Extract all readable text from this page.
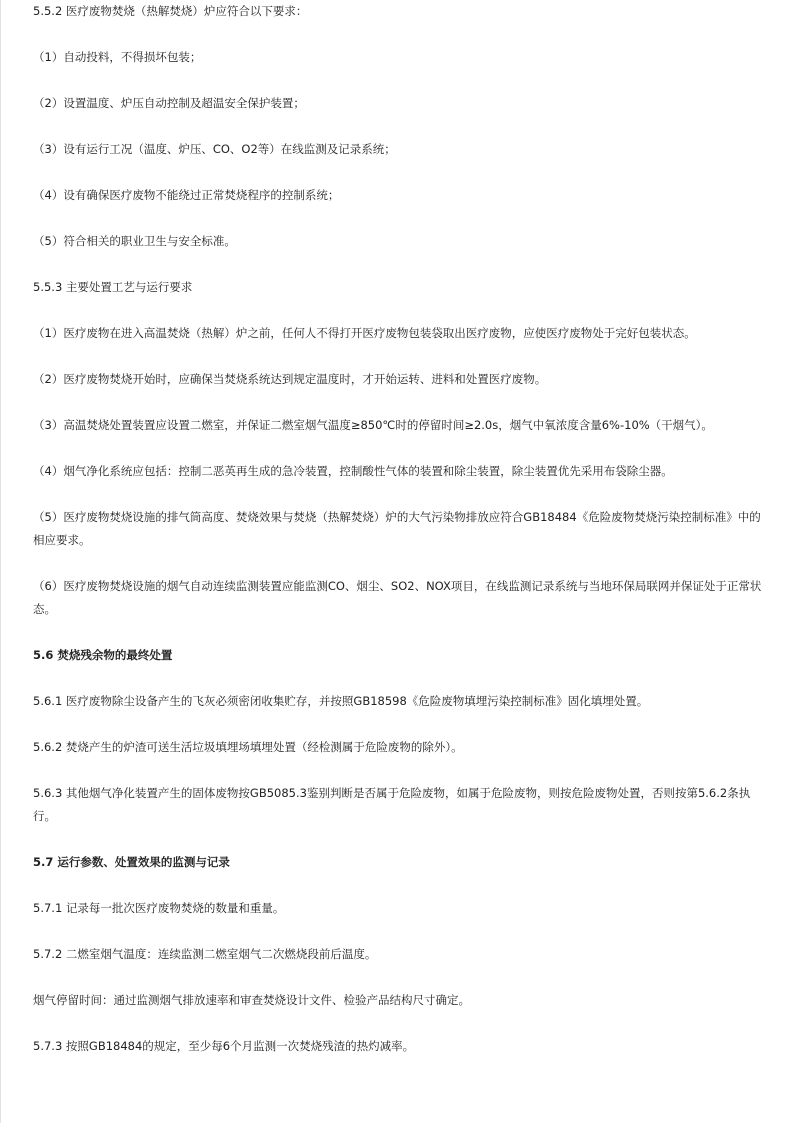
5.5.2 医疗废物焚烧（热解焚烧）炉应符合以下要求：

（1）自动投料，不得损坏包装；

（2）设置温度、炉压自动控制及超温安全保护装置；

（3）设有运行工况（温度、炉压、CO、O2等）在线监测及记录系统；

（4）设有确保医疗废物不能绕过正常焚烧程序的控制系统；

（5）符合相关的职业卫生与安全标准。

5.5.3 主要处置工艺与运行要求

（1）医疗废物在进入高温焚烧（热解）炉之前，任何人不得打开医疗废物包装袋取出医疗废物，应使医疗废物处于完好包装状态。

（2）医疗废物焚烧开始时，应确保当焚烧系统达到规定温度时，才开始运转、进料和处置医疗废物。

（3）高温焚烧处置装置应设置二燃室，并保证二燃室烟气温度≥850℃时的停留时间≥2.0s，烟气中氧浓度含量6%-10%（干烟气）。

（4）烟气净化系统应包括：控制二恶英再生成的急冷装置，控制酸性气体的装置和除尘装置，除尘装置优先采用布袋除尘器。

（5）医疗废物焚烧设施的排气筒高度、焚烧效果与焚烧（热解焚烧）炉的大气污染物排放应符合GB18484《危险废物焚烧污染控制标准》中的相应要求。

（6）医疗废物焚烧设施的烟气自动连续监测装置应能监测CO、烟尘、SO2、NOX项目，在线监测记录系统与当地环保局联网并保证处于正常状态。

5.6 焚烧残余物的最终处置

5.6.1 医疗废物除尘设备产生的飞灰必须密闭收集贮存，并按照GB18598《危险废物填埋污染控制标准》固化填埋处置。

5.6.2 焚烧产生的炉渣可送生活垃圾填埋场填埋处置（经检测属于危险废物的除外）。

5.6.3 其他烟气净化装置产生的固体废物按GB5085.3鉴别判断是否属于危险废物，如属于危险废物，则按危险废物处置，否则按第5.6.2条执行。

5.7 运行参数、处置效果的监测与记录

5.7.1 记录每一批次医疗废物焚烧的数量和重量。

5.7.2 二燃室烟气温度：连续监测二燃室烟气二次燃烧段前后温度。

烟气停留时间：通过监测烟气排放速率和审查焚烧设计文件、检验产品结构尺寸确定。

5.7.3 按照GB18484的规定，至少每6个月监测一次焚烧残渣的热灼减率。
